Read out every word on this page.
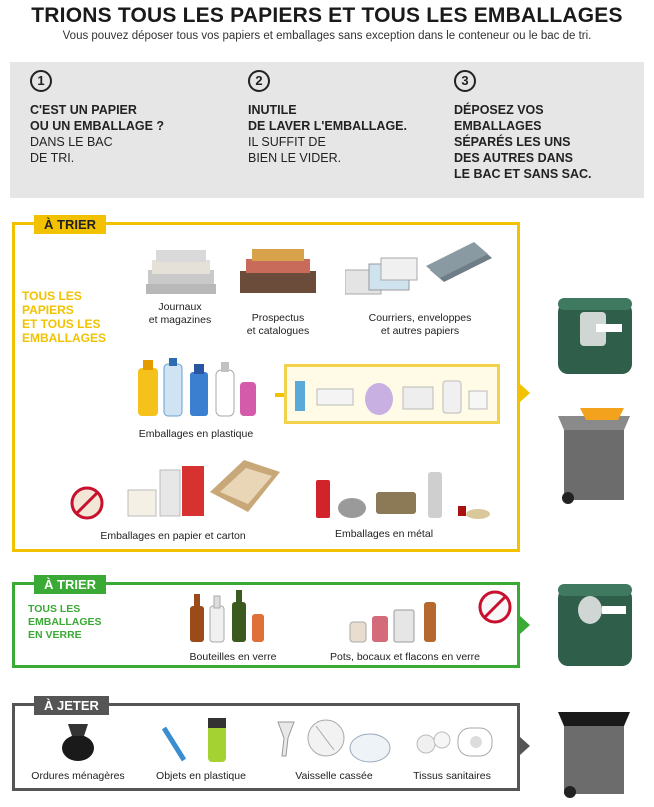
TRIONS TOUS LES PAPIERS ET TOUS LES EMBALLAGES
Vous pouvez déposer tous vos papiers et emballages sans exception dans le conteneur ou le bac de tri.
1
C'EST UN PAPIER
OU UN EMBALLAGE ?
DANS LE BAC
DE TRI.
2
INUTILE
DE LAVER L'EMBALLAGE.
IL SUFFIT DE
BIEN LE VIDER.
3
DÉPOSEZ VOS
EMBALLAGES
SÉPARÉS LES UNS
DES AUTRES DANS
LE BAC ET SANS SAC.
À TRIER
TOUS LES
PAPIERS
ET TOUS LES
EMBALLAGES
Journaux
et magazines	Prospectus
et catalogues
Courriers, enveloppes
et autres papiers
Emballages en plastique
Emballages en papier et carton	Emballages en métal
À TRIER
TOUS LES
EMBALLAGES
EN VERRE
Bouteilles en verre	Pots, bocaux et flacons en verre
À JETER
Ordures ménagères	Objets en plastique	Vaisselle cassée	Tissus sanitaires
